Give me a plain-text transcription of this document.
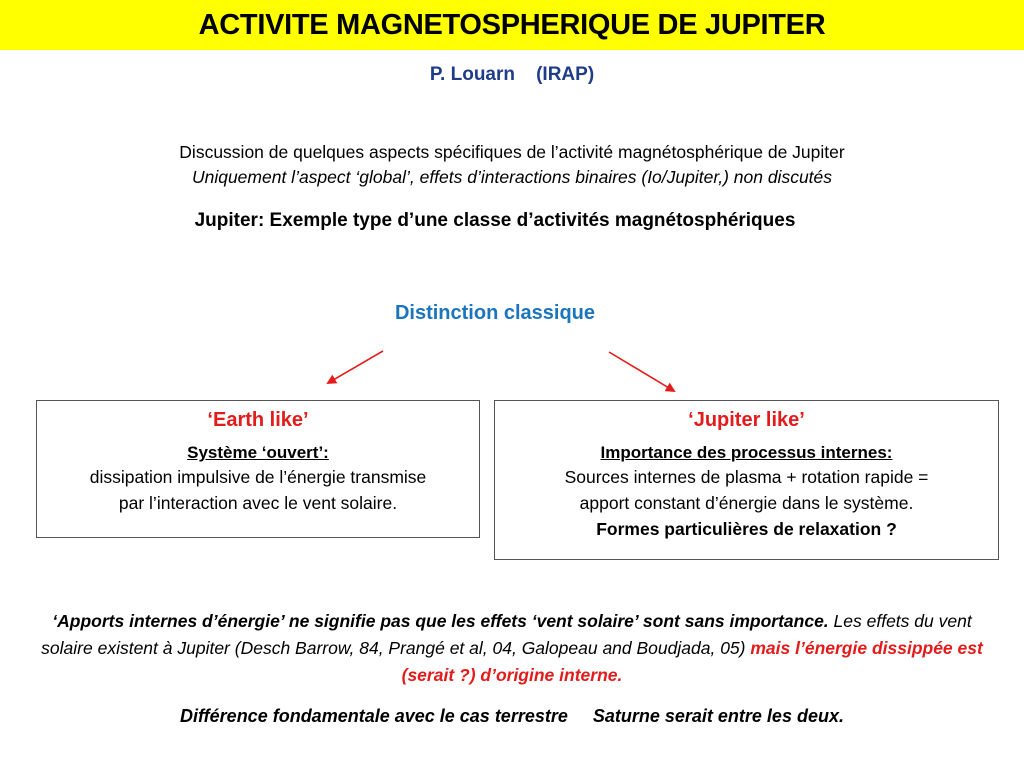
ACTIVITE MAGNETOSPHERIQUE DE JUPITER
P. Louarn    (IRAP)
Discussion de quelques aspects spécifiques de l’activité magnétosphérique de Jupiter
Uniquement l’aspect ‘global’, effets d’interactions binaires (Io/Jupiter,) non discutés
Jupiter: Exemple type d’une classe d’activités magnétosphériques
Distinction classique
‘Earth like’
Système ‘ouvert’:
dissipation impulsive de l’énergie transmise
par l’interaction avec le vent solaire.
‘Jupiter like’
Importance des processus internes:
Sources internes de plasma + rotation rapide =
apport constant d’énergie dans le système.
Formes particulières de relaxation ?
‘Apports internes d’énergie’ ne signifie pas que les effets ‘vent solaire’ sont sans importance. Les effets du vent solaire existent à Jupiter (Desch Barrow, 84, Prangé et al, 04, Galopeau and Boudjada, 05) mais l’énergie dissippée est (serait ?) d’origine interne.
Différence fondamentale avec le cas terrestre     Saturne serait entre les deux.
